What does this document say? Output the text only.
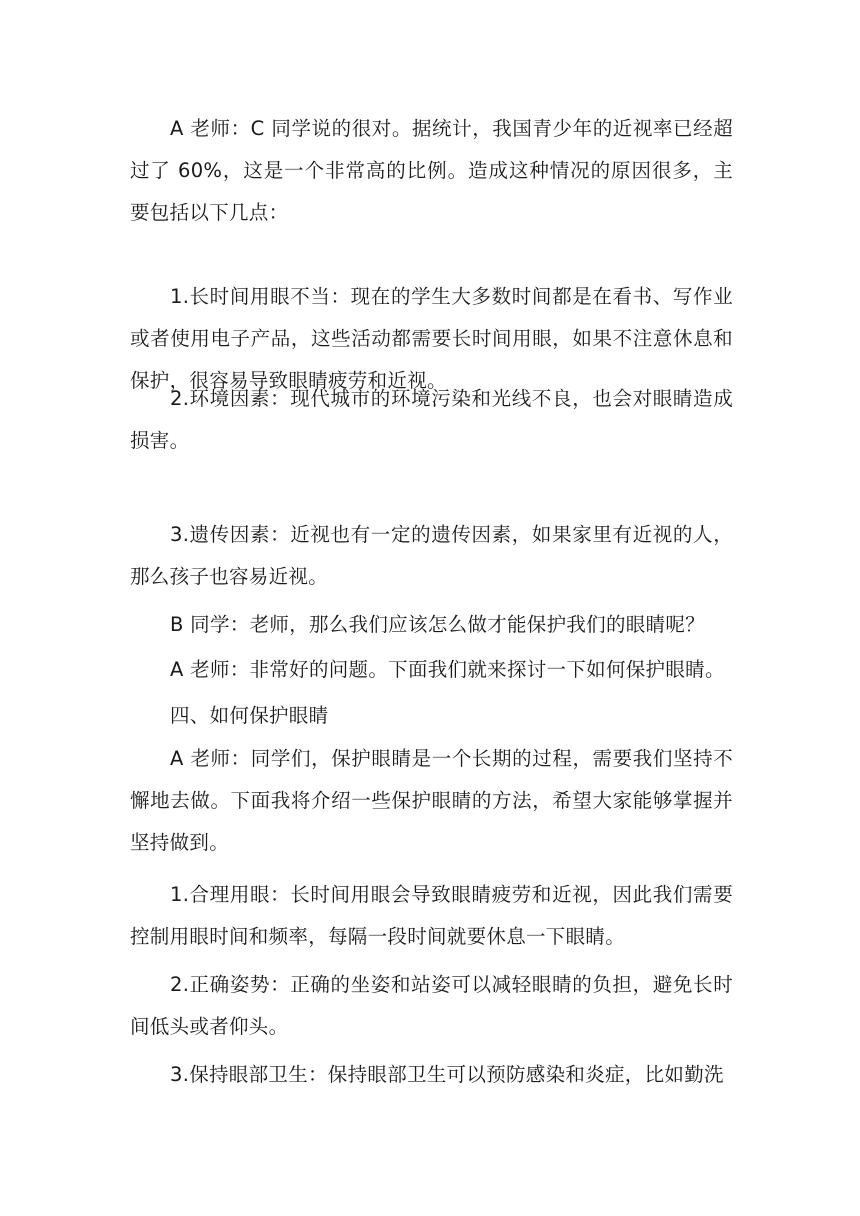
A 老师：C 同学说的很对。据统计，我国青少年的近视率已经超过了 60%，这是一个非常高的比例。造成这种情况的原因很多，主要包括以下几点：

1.长时间用眼不当：现在的学生大多数时间都是在看书、写作业或者使用电子产品，这些活动都需要长时间用眼，如果不注意休息和保护，很容易导致眼睛疲劳和近视。

2.环境因素：现代城市的环境污染和光线不良，也会对眼睛造成损害。

3.遗传因素：近视也有一定的遗传因素，如果家里有近视的人，那么孩子也容易近视。

B 同学：老师，那么我们应该怎么做才能保护我们的眼睛呢？

A 老师：非常好的问题。下面我们就来探讨一下如何保护眼睛。

四、如何保护眼睛

A 老师：同学们，保护眼睛是一个长期的过程，需要我们坚持不懈地去做。下面我将介绍一些保护眼睛的方法，希望大家能够掌握并坚持做到。

1.合理用眼：长时间用眼会导致眼睛疲劳和近视，因此我们需要控制用眼时间和频率，每隔一段时间就要休息一下眼睛。

2.正确姿势：正确的坐姿和站姿可以减轻眼睛的负担，避免长时间低头或者仰头。

3.保持眼部卫生：保持眼部卫生可以预防感染和炎症，比如勤洗
